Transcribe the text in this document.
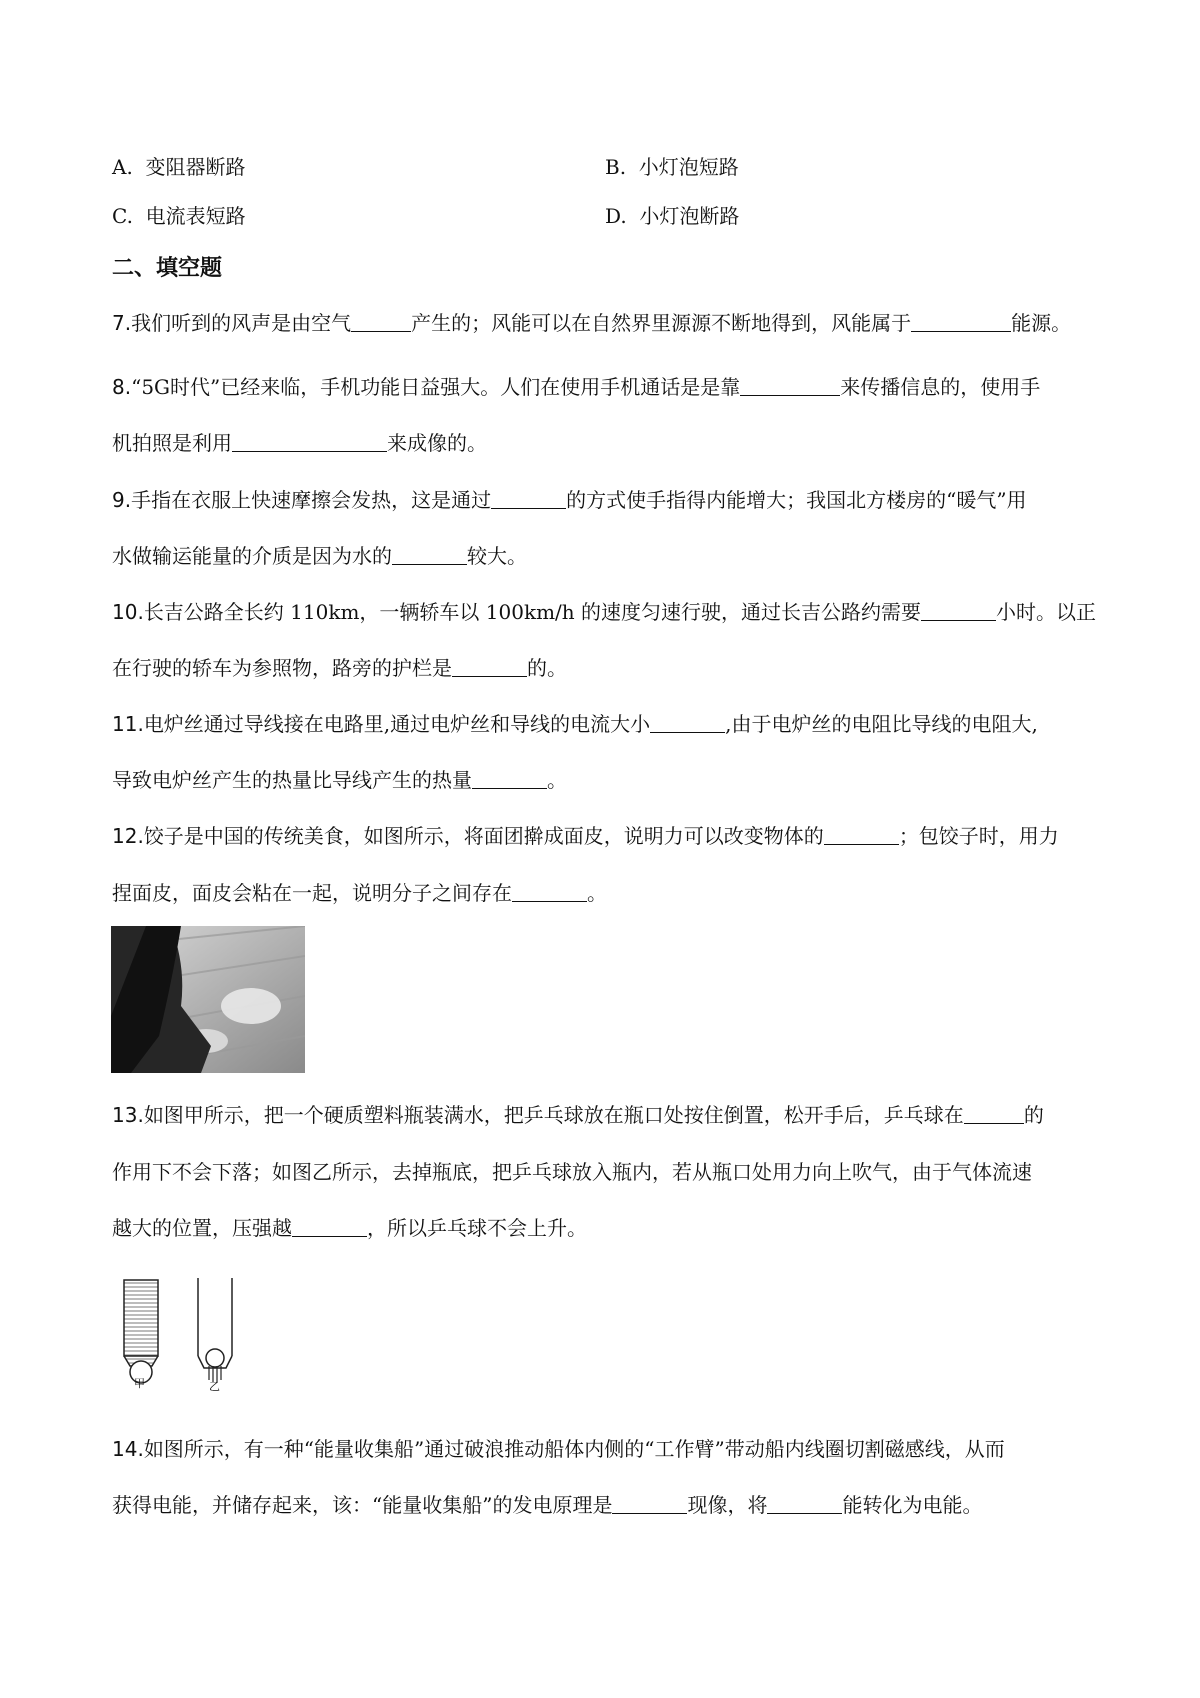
A. 变阻器断路	B. 小灯泡短路
C. 电流表短路	D. 小灯泡断路
二、填空题
7.我们听到的风声是由空气	产生的；风能可以在自然界里源源不断地得到，风能属于	能源。
8.“5G时代”已经来临，手机功能日益强大。人们在使用手机通话是是靠	来传播信息的，使用手
机拍照是利用	来成像的。
9.手指在衣服上快速摩擦会发热，这是通过	的方式使手指得内能增大；我国北方楼房的“暖气”用
水做输运能量的介质是因为水的	较大。
10.长吉公路全长约 110km，一辆轿车以 100km/h 的速度匀速行驶，通过长吉公路约需要	小时。以正
在行驶的轿车为参照物，路旁的护栏是	的。
11.电炉丝通过导线接在电路里,通过电炉丝和导线的电流大小	,由于电炉丝的电阻比导线的电阻大,
导致电炉丝产生的热量比导线产生的热量	。
12.饺子是中国的传统美食，如图所示，将面团擀成面皮，说明力可以改变物体的	；包饺子时，用力
捏面皮，面皮会粘在一起，说明分子之间存在	。
13.如图甲所示，把一个硬质塑料瓶装满水，把乒乓球放在瓶口处按住倒置，松开手后，乒乓球在	的
作用下不会下落；如图乙所示，去掉瓶底，把乒乓球放入瓶内，若从瓶口处用力向上吹气，由于气体流速
越大的位置，压强越	，所以乒乓球不会上升。
甲	乙
14.如图所示，有一种“能量收集船”通过破浪推动船体内侧的“工作臂”带动船内线圈切割磁感线，从而
获得电能，并储存起来，该：“能量收集船”的发电原理是	现像，将	能转化为电能。
